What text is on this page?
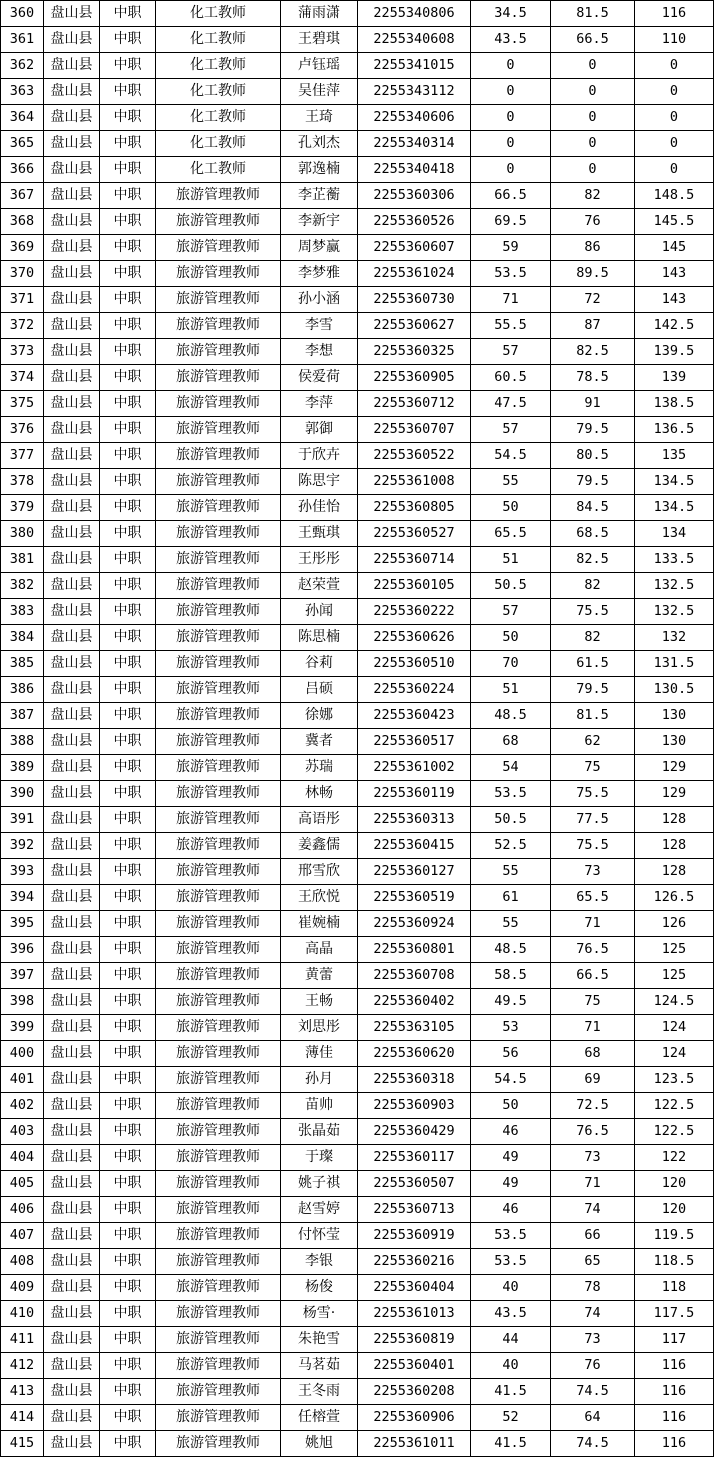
360	盘山县	中职	化工教师	蒲雨潇	2255340806	34.5	81.5	116
361	盘山县	中职	化工教师	王碧琪	2255340608	43.5	66.5	110
362	盘山县	中职	化工教师	卢钰瑶	2255341015	0	0	0
363	盘山县	中职	化工教师	吴佳萍	2255343112	0	0	0
364	盘山县	中职	化工教师	王琦	2255340606	0	0	0
365	盘山县	中职	化工教师	孔刘杰	2255340314	0	0	0
366	盘山县	中职	化工教师	郭逸楠	2255340418	0	0	0
367	盘山县	中职	旅游管理教师	李芷蘅	2255360306	66.5	82	148.5
368	盘山县	中职	旅游管理教师	李新宇	2255360526	69.5	76	145.5
369	盘山县	中职	旅游管理教师	周梦赢	2255360607	59	86	145
370	盘山县	中职	旅游管理教师	李梦雅	2255361024	53.5	89.5	143
371	盘山县	中职	旅游管理教师	孙小涵	2255360730	71	72	143
372	盘山县	中职	旅游管理教师	李雪	2255360627	55.5	87	142.5
373	盘山县	中职	旅游管理教师	李想	2255360325	57	82.5	139.5
374	盘山县	中职	旅游管理教师	侯爱荷	2255360905	60.5	78.5	139
375	盘山县	中职	旅游管理教师	李萍	2255360712	47.5	91	138.5
376	盘山县	中职	旅游管理教师	郭御	2255360707	57	79.5	136.5
377	盘山县	中职	旅游管理教师	于欣卉	2255360522	54.5	80.5	135
378	盘山县	中职	旅游管理教师	陈思宇	2255361008	55	79.5	134.5
379	盘山县	中职	旅游管理教师	孙佳怡	2255360805	50	84.5	134.5
380	盘山县	中职	旅游管理教师	王甄琪	2255360527	65.5	68.5	134
381	盘山县	中职	旅游管理教师	王彤彤	2255360714	51	82.5	133.5
382	盘山县	中职	旅游管理教师	赵荣萱	2255360105	50.5	82	132.5
383	盘山县	中职	旅游管理教师	孙闻	2255360222	57	75.5	132.5
384	盘山县	中职	旅游管理教师	陈思楠	2255360626	50	82	132
385	盘山县	中职	旅游管理教师	谷莉	2255360510	70	61.5	131.5
386	盘山县	中职	旅游管理教师	吕硕	2255360224	51	79.5	130.5
387	盘山县	中职	旅游管理教师	徐娜	2255360423	48.5	81.5	130
388	盘山县	中职	旅游管理教师	冀者	2255360517	68	62	130
389	盘山县	中职	旅游管理教师	苏瑞	2255361002	54	75	129
390	盘山县	中职	旅游管理教师	林畅	2255360119	53.5	75.5	129
391	盘山县	中职	旅游管理教师	高语彤	2255360313	50.5	77.5	128
392	盘山县	中职	旅游管理教师	姜鑫儒	2255360415	52.5	75.5	128
393	盘山县	中职	旅游管理教师	邢雪欣	2255360127	55	73	128
394	盘山县	中职	旅游管理教师	王欣悦	2255360519	61	65.5	126.5
395	盘山县	中职	旅游管理教师	崔婉楠	2255360924	55	71	126
396	盘山县	中职	旅游管理教师	高晶	2255360801	48.5	76.5	125
397	盘山县	中职	旅游管理教师	黄蕾	2255360708	58.5	66.5	125
398	盘山县	中职	旅游管理教师	王畅	2255360402	49.5	75	124.5
399	盘山县	中职	旅游管理教师	刘思彤	2255363105	53	71	124
400	盘山县	中职	旅游管理教师	薄佳	2255360620	56	68	124
401	盘山县	中职	旅游管理教师	孙月	2255360318	54.5	69	123.5
402	盘山县	中职	旅游管理教师	苗帅	2255360903	50	72.5	122.5
403	盘山县	中职	旅游管理教师	张晶茹	2255360429	46	76.5	122.5
404	盘山县	中职	旅游管理教师	于璨	2255360117	49	73	122
405	盘山县	中职	旅游管理教师	姚子祺	2255360507	49	71	120
406	盘山县	中职	旅游管理教师	赵雪婷	2255360713	46	74	120
407	盘山县	中职	旅游管理教师	付怀莹	2255360919	53.5	66	119.5
408	盘山县	中职	旅游管理教师	李银	2255360216	53.5	65	118.5
409	盘山县	中职	旅游管理教师	杨俊	2255360404	40	78	118
410	盘山县	中职	旅游管理教师	杨雪·	2255361013	43.5	74	117.5
411	盘山县	中职	旅游管理教师	朱艳雪	2255360819	44	73	117
412	盘山县	中职	旅游管理教师	马茗茹	2255360401	40	76	116
413	盘山县	中职	旅游管理教师	王冬雨	2255360208	41.5	74.5	116
414	盘山县	中职	旅游管理教师	任榕萱	2255360906	52	64	116
415	盘山县	中职	旅游管理教师	姚旭	2255361011	41.5	74.5	116
